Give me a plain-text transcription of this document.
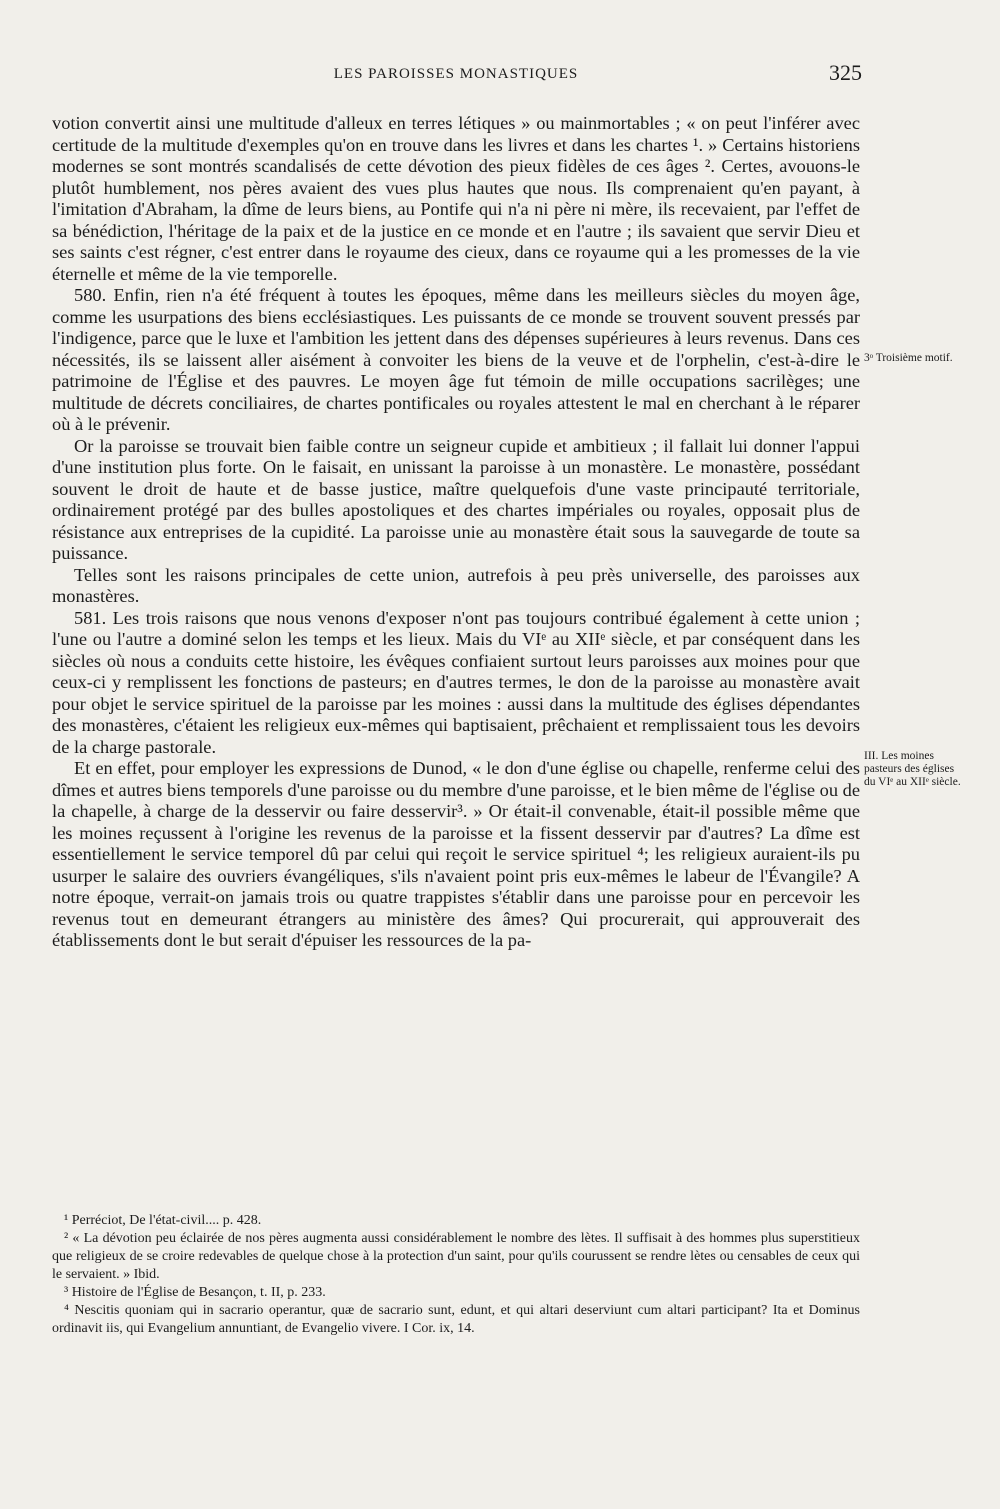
LES PAROISSES MONASTIQUES	325

votion convertit ainsi une multitude d'alleux en terres létiques » ou mainmortables ; « on peut l'inférer avec certitude de la multitude d'exemples qu'on en trouve dans les livres et dans les chartes ¹. » Certains historiens modernes se sont montrés scandalisés de cette dévotion des pieux fidèles de ces âges ². Certes, avouons-le plutôt humblement, nos pères avaient des vues plus hautes que nous. Ils comprenaient qu'en payant, à l'imitation d'Abraham, la dîme de leurs biens, au Pontife qui n'a ni père ni mère, ils recevaient, par l'effet de sa bénédiction, l'héritage de la paix et de la justice en ce monde et en l'autre ; ils savaient que servir Dieu et ses saints c'est régner, c'est entrer dans le royaume des cieux, dans ce royaume qui a les promesses de la vie éternelle et même de la vie temporelle.

580. Enfin, rien n'a été fréquent à toutes les époques, même dans les meilleurs siècles du moyen âge, comme les usurpations des biens ecclésiastiques. Les puissants de ce monde se trouvent souvent pressés par l'indigence, parce que le luxe et l'ambition les jettent dans des dépenses supérieures à leurs revenus. Dans ces nécessités, ils se laissent aller aisément à convoiter les biens de la veuve et de l'orphelin, c'est-à-dire le patrimoine de l'Église et des pauvres. Le moyen âge fut témoin de mille occupations sacrilèges; une multitude de décrets conciliaires, de chartes pontificales ou royales attestent le mal en cherchant à le réparer où à le prévenir.

Or la paroisse se trouvait bien faible contre un seigneur cupide et ambitieux ; il fallait lui donner l'appui d'une institution plus forte. On le faisait, en unissant la paroisse à un monastère. Le monastère, possédant souvent le droit de haute et de basse justice, maître quelquefois d'une vaste principauté territoriale, ordinairement protégé par des bulles apostoliques et des chartes impériales ou royales, opposait plus de résistance aux entreprises de la cupidité. La paroisse unie au monastère était sous la sauvegarde de toute sa puissance.

Telles sont les raisons principales de cette union, autrefois à peu près universelle, des paroisses aux monastères.

581. Les trois raisons que nous venons d'exposer n'ont pas toujours contribué également à cette union ; l'une ou l'autre a dominé selon les temps et les lieux. Mais du VIᵉ au XIIᵉ siècle, et par conséquent dans les siècles où nous a conduits cette histoire, les évêques confiaient surtout leurs paroisses aux moines pour que ceux-ci y remplissent les fonctions de pasteurs; en d'autres termes, le don de la paroisse au monastère avait pour objet le service spirituel de la paroisse par les moines : aussi dans la multitude des églises dépendantes des monastères, c'étaient les religieux eux-mêmes qui baptisaient, prêchaient et remplissaient tous les devoirs de la charge pastorale.

Et en effet, pour employer les expressions de Dunod, « le don d'une église ou chapelle, renferme celui des dîmes et autres biens temporels d'une paroisse ou du membre d'une paroisse, et le bien même de l'église ou de la chapelle, à charge de la desservir ou faire desservir³. » Or était-il convenable, était-il possible même que les moines reçussent à l'origine les revenus de la paroisse et la fissent desservir par d'autres? La dîme est essentiellement le service temporel dû par celui qui reçoit le service spirituel ⁴; les religieux auraient-ils pu usurper le salaire des ouvriers évangéliques, s'ils n'avaient point pris eux-mêmes le labeur de l'Évangile? A notre époque, verrait-on jamais trois ou quatre trappistes s'établir dans une paroisse pour en percevoir les revenus tout en demeurant étrangers au ministère des âmes? Qui procurerait, qui approuverait des établissements dont le but serait d'épuiser les ressources de la pa-

3ᵒ Troisième motif.
III. Les moines pasteurs des églises du VIᵉ au XIIᵉ siècle.

¹ Perréciot, De l'état-civil.... p. 428.

² « La dévotion peu éclairée de nos pères augmenta aussi considérablement le nombre des lètes. Il suffisait à des hommes plus superstitieux que religieux de se croire redevables de quelque chose à la protection d'un saint, pour qu'ils courussent se rendre lètes ou censables de ceux qui le servaient. » Ibid.

³ Histoire de l'Église de Besançon, t. II, p. 233.

⁴ Nescitis quoniam qui in sacrario operantur, quæ de sacrario sunt, edunt, et qui altari deserviunt cum altari participant? Ita et Dominus ordinavit iis, qui Evangelium annuntiant, de Evangelio vivere. I Cor. ix, 14.
